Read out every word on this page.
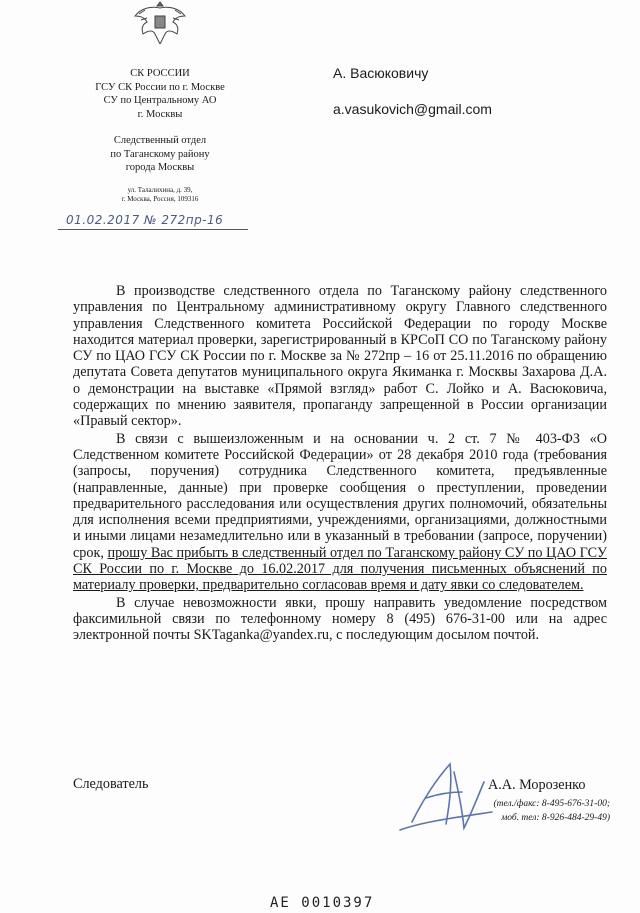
СК РОССИИ
ГСУ СК России по г. Москве
СУ по Центральному АО
г. Москвы
Следственный отдел
по Таганскому району
города Москвы
ул. Талалихина, д. 39,
г. Москва, Россия, 109316
01.02.2017 № 272пр-16
А. Васюковичу
a.vasukovich@gmail.com

В производстве следственного отдела по Таганскому району следственного управления по Центральному административному округу Главного следственного управления Следственного комитета Российской Федерации по городу Москве находится материал проверки, зарегистрированный в КРСоП СО по Таганскому району СУ по ЦАО ГСУ СК России по г. Москве за № 272пр – 16 от 25.11.2016 по обращению депутата Совета депутатов муниципального округа Якиманка г. Москвы Захарова Д.А. о демонстрации на выставке «Прямой взгляд» работ С. Лойко и А. Васюковича, содержащих по мнению заявителя, пропаганду запрещенной в России организации «Правый сектор».

В связи с вышеизложенным и на основании ч. 2 ст. 7 № 403-ФЗ «О Следственном комитете Российской Федерации» от 28 декабря 2010 года (требования (запросы, поручения) сотрудника Следственного комитета, предъявленные (направленные, данные) при проверке сообщения о преступлении, проведении предварительного расследования или осуществления других полномочий, обязательны для исполнения всеми предприятиями, учреждениями, организациями, должностными и иными лицами незамедлительно или в указанный в требовании (запросе, поручении) срок, прошу Вас прибыть в следственный отдел по Таганскому району СУ по ЦАО ГСУ СК России по г. Москве до 16.02.2017 для получения письменных объяснений по материалу проверки, предварительно согласовав время и дату явки со следователем.

В случае невозможности явки, прошу направить уведомление посредством факсимильной связи по телефонному номеру 8 (495) 676-31-00 или на адрес электронной почты SKTaganka@yandex.ru, с последующим досылом почтой.

Следователь	А.А. Морозенко
(тел./факс: 8-495-676-31-00;
моб. тел: 8-926-484-29-49)
АЕ 0010397
